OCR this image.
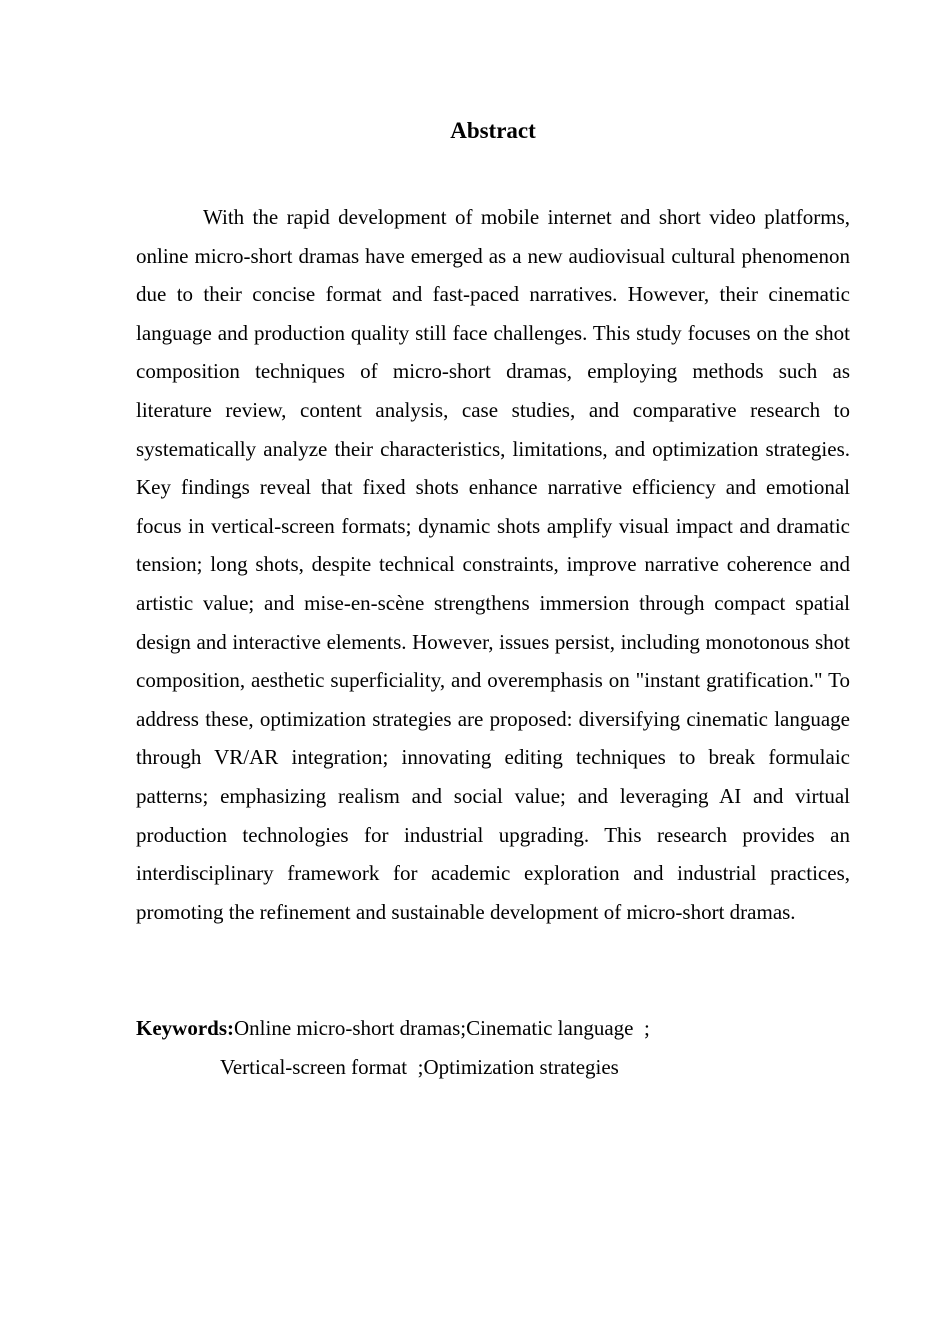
Abstract

With the rapid development of mobile internet and short video platforms, online micro-short dramas have emerged as a new audiovisual cultural phenomenon due to their concise format and fast-paced narratives. However, their cinematic language and production quality still face challenges. This study focuses on the shot composition techniques of micro-short dramas, employing methods such as literature review, content analysis, case studies, and comparative research to systematically analyze their characteristics, limitations, and optimization strategies. Key findings reveal that fixed shots enhance narrative efficiency and emotional focus in vertical-screen formats; dynamic shots amplify visual impact and dramatic tension; long shots, despite technical constraints, improve narrative coherence and artistic value; and mise-en-scène strengthens immersion through compact spatial design and interactive elements. However, issues persist, including monotonous shot composition, aesthetic superficiality, and overemphasis on "instant gratification." To address these, optimization strategies are proposed: diversifying cinematic language through VR/AR integration; innovating editing techniques to break formulaic patterns; emphasizing realism and social value; and leveraging AI and virtual production technologies for industrial upgrading. This research provides an interdisciplinary framework for academic exploration and industrial practices, promoting the refinement and sustainable development of micro-short dramas.

Keywords:Online micro-short dramas;Cinematic language  ;
Vertical-screen format  ;Optimization strategies
